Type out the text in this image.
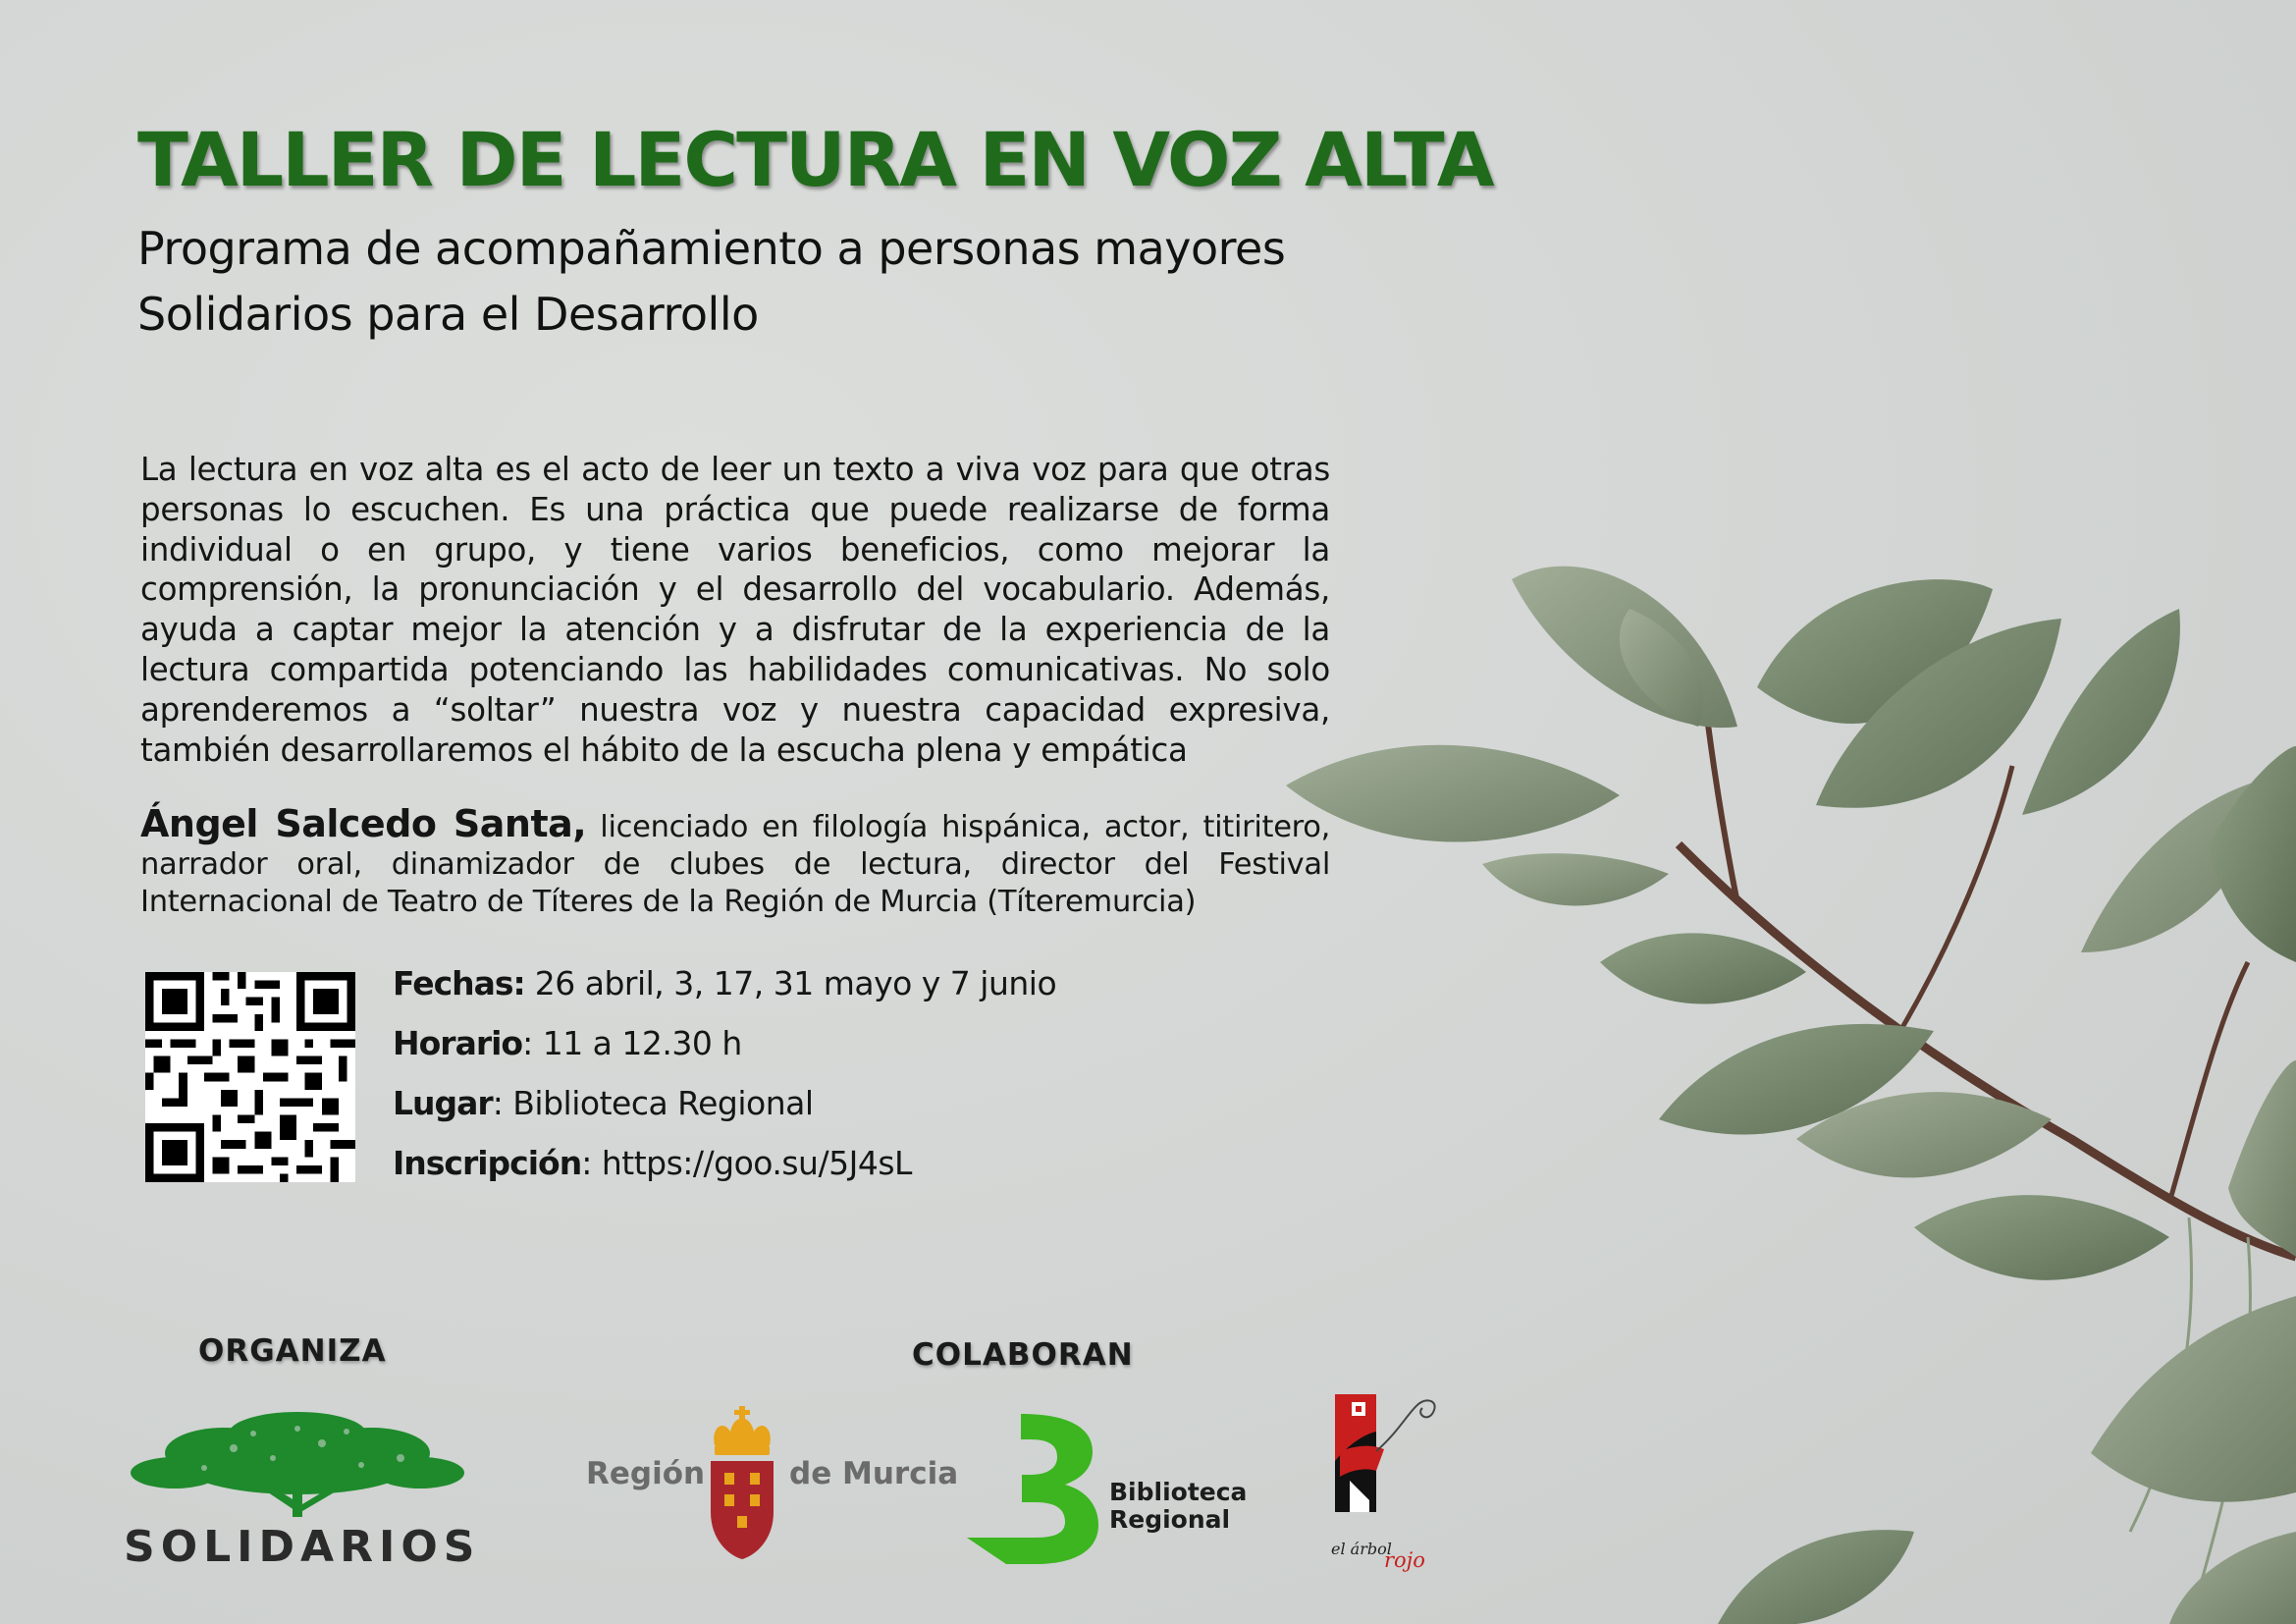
TALLER DE LECTURA EN VOZ ALTA
Programa de acompañamiento a personas mayores
Solidarios para el Desarrollo

La lectura en voz alta es el acto de leer un texto a viva voz para que otras personas lo escuchen. Es una práctica que puede realizarse de forma individual o en grupo, y tiene varios beneficios, como mejorar la comprensión, la pronunciación y el desarrollo del vocabulario. Además, ayuda a captar mejor la atención y a disfrutar de la experiencia de la lectura compartida potenciando las habilidades comunicativas. No solo aprenderemos a “soltar” nuestra voz y nuestra capacidad expresiva, también desarrollaremos el hábito de la escucha plena y empática

Ángel Salcedo Santa, licenciado en filología hispánica, actor, titiritero, narrador oral, dinamizador de clubes de lectura, director del Festival Internacional de Teatro de Títeres de la Región de Murcia (Títeremurcia)

Fechas: 26 abril, 3, 17, 31 mayo y 7 junio
Horario: 11 a 12.30 h
Lugar: Biblioteca Regional
Inscripción: https://goo.su/5J4sL
ORGANIZA	COLABORAN

SOLIDARIOS

Región	de Murcia

Biblioteca
Regional

el árbol
rojo
